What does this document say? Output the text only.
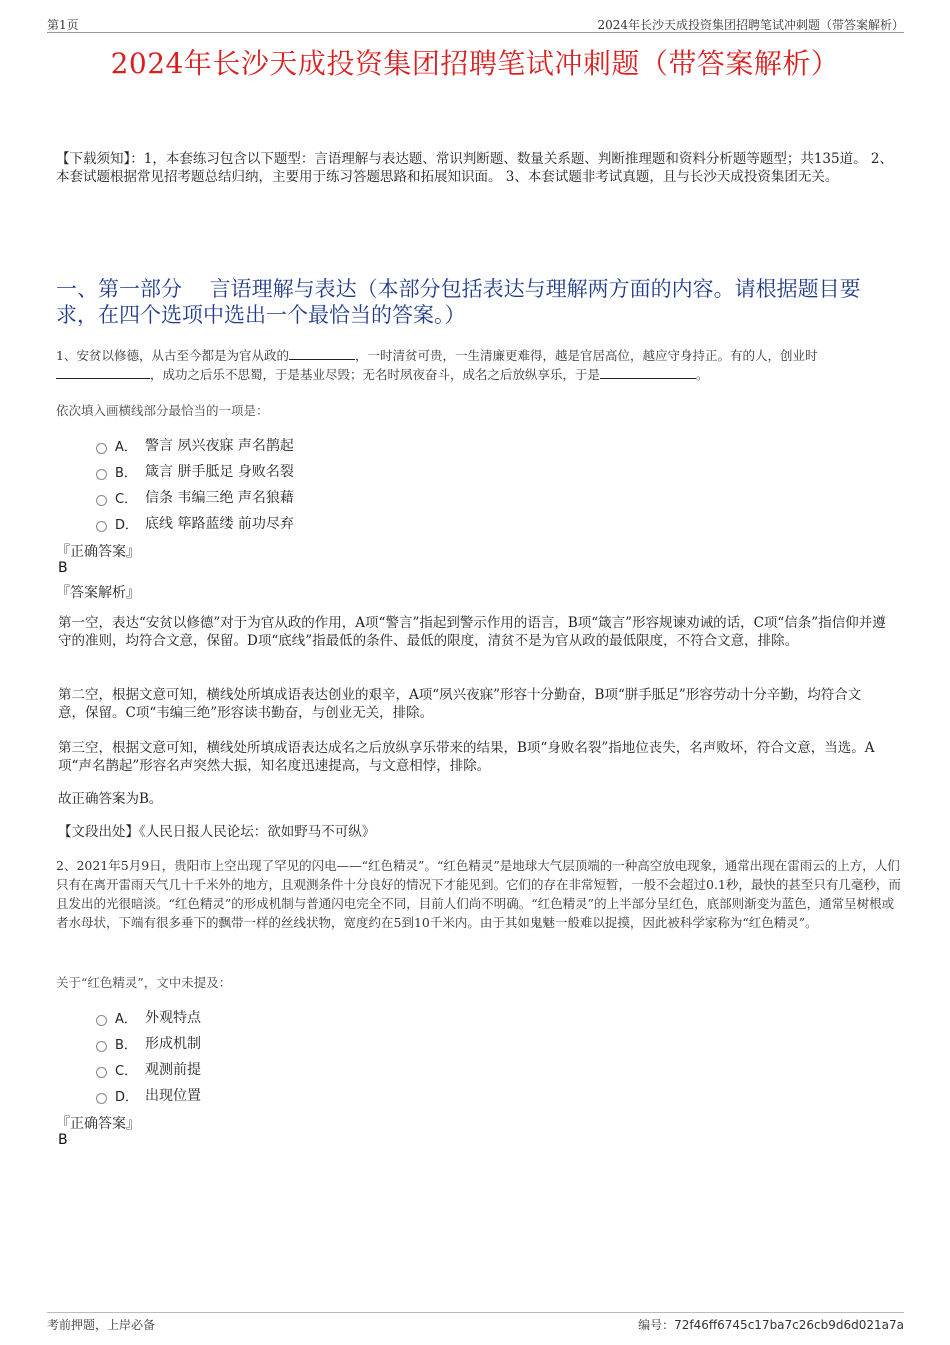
第1页	2024年长沙天成投资集团招聘笔试冲刺题（带答案解析）
2024年长沙天成投资集团招聘笔试冲刺题（带答案解析）
【下载须知】：1，本套练习包含以下题型：言语理解与表达题、常识判断题、数量关系题、判断推理题和资料分析题等题型；共135道。 2、本套试题根据常见招考题总结归纳，主要用于练习答题思路和拓展知识面。 3、本套试题非考试真题，且与长沙天成投资集团无关。
一、第一部分　 言语理解与表达（本部分包括表达与理解两方面的内容。请根据题目要求，在四个选项中选出一个最恰当的答案。）
1、安贫以修德，从古至今都是为官从政的	，一时清贫可贵，一生清廉更难得，越是官居高位，越应守身持正。有的人，创业时，成功之后乐不思蜀，于是基业尽毁；无名时夙夜奋斗，成名之后放纵享乐，于是	。
依次填入画横线部分最恰当的一项是：
A． 警言 夙兴夜寐 声名鹊起
B． 箴言 胼手胝足 身败名裂
C． 信条 韦编三绝 声名狼藉
D． 底线 筚路蓝缕 前功尽弃
『正确答案』
B
『答案解析』
第一空，表达“安贫以修德”对于为官从政的作用，A项“警言”指起到警示作用的语言，B项“箴言”形容规谏劝诫的话，C项“信条”指信仰并遵守的准则，均符合文意，保留。D项“底线”指最低的条件、最低的限度，清贫不是为官从政的最低限度，不符合文意，排除。
第二空，根据文意可知，横线处所填成语表达创业的艰辛，A项“夙兴夜寐”形容十分勤奋，B项“胼手胝足”形容劳动十分辛勤，均符合文意，保留。C项“韦编三绝”形容读书勤奋，与创业无关，排除。
第三空，根据文意可知，横线处所填成语表达成名之后放纵享乐带来的结果，B项“身败名裂”指地位丧失，名声败坏，符合文意，当选。A项“声名鹊起”形容名声突然大振，知名度迅速提高，与文意相悖，排除。
故正确答案为B。
【文段出处】《人民日报人民论坛：欲如野马不可纵》
2、2021年5月9日，贵阳市上空出现了罕见的闪电——“红色精灵”。“红色精灵”是地球大气层顶端的一种高空放电现象，通常出现在雷雨云的上方，人们只有在离开雷雨天气几十千米外的地方，且观测条件十分良好的情况下才能见到。它们的存在非常短暂，一般不会超过0.1秒，最快的甚至只有几毫秒，而且发出的光很暗淡。“红色精灵”的形成机制与普通闪电完全不同，目前人们尚不明确。“红色精灵”的上半部分呈红色，底部则渐变为蓝色，通常呈树根或者水母状，下端有很多垂下的飘带一样的丝线状物，宽度约在5到10千米内。由于其如鬼魅一般难以捉摸，因此被科学家称为“红色精灵”。
关于“红色精灵”，文中未提及：
A． 外观特点
B． 形成机制
C． 观测前提
D． 出现位置
『正确答案』
B
考前押题，上岸必备	编号：72f46ff6745c17ba7c26cb9d6d021a7a
